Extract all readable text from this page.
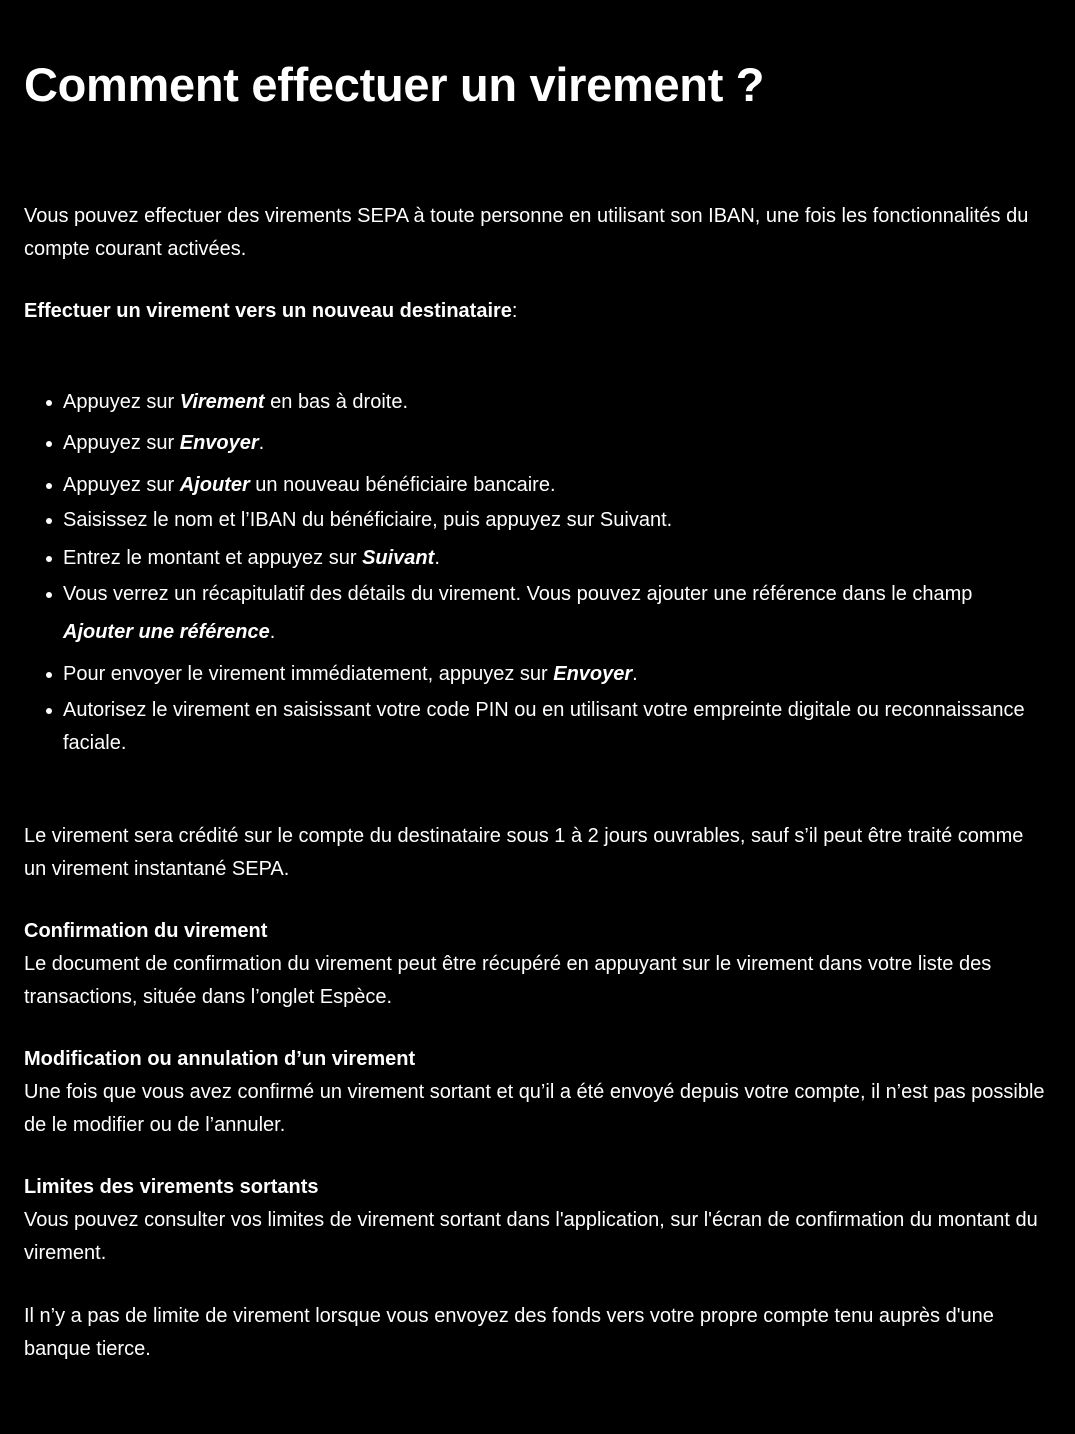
Comment effectuer un virement ?

Vous pouvez effectuer des virements SEPA à toute personne en utilisant son IBAN, une fois les fonctionnalités du compte courant activées.

Effectuer un virement vers un nouveau destinataire:

Appuyez sur Virement en bas à droite.
Appuyez sur Envoyer.
Appuyez sur Ajouter un nouveau bénéficiaire bancaire.
Saisissez le nom et l’IBAN du bénéficiaire, puis appuyez sur Suivant.
Entrez le montant et appuyez sur Suivant.
Vous verrez un récapitulatif des détails du virement. Vous pouvez ajouter une référence dans le champ
Ajouter une référence.
Pour envoyer le virement immédiatement, appuyez sur Envoyer.
Autorisez le virement en saisissant votre code PIN ou en utilisant votre empreinte digitale ou reconnaissance faciale.

Le virement sera crédité sur le compte du destinataire sous 1 à 2 jours ouvrables, sauf s’il peut être traité comme un virement instantané SEPA.

Confirmation du virement

Le document de confirmation du virement peut être récupéré en appuyant sur le virement dans votre liste des transactions, située dans l’onglet Espèce.

Modification ou annulation d’un virement

Une fois que vous avez confirmé un virement sortant et qu’il a été envoyé depuis votre compte, il n’est pas possible de le modifier ou de l’annuler.

Limites des virements sortants

Vous pouvez consulter vos limites de virement sortant dans l'application, sur l'écran de confirmation du montant du virement.

Il n’y a pas de limite de virement lorsque vous envoyez des fonds vers votre propre compte tenu auprès d'une banque tierce.
